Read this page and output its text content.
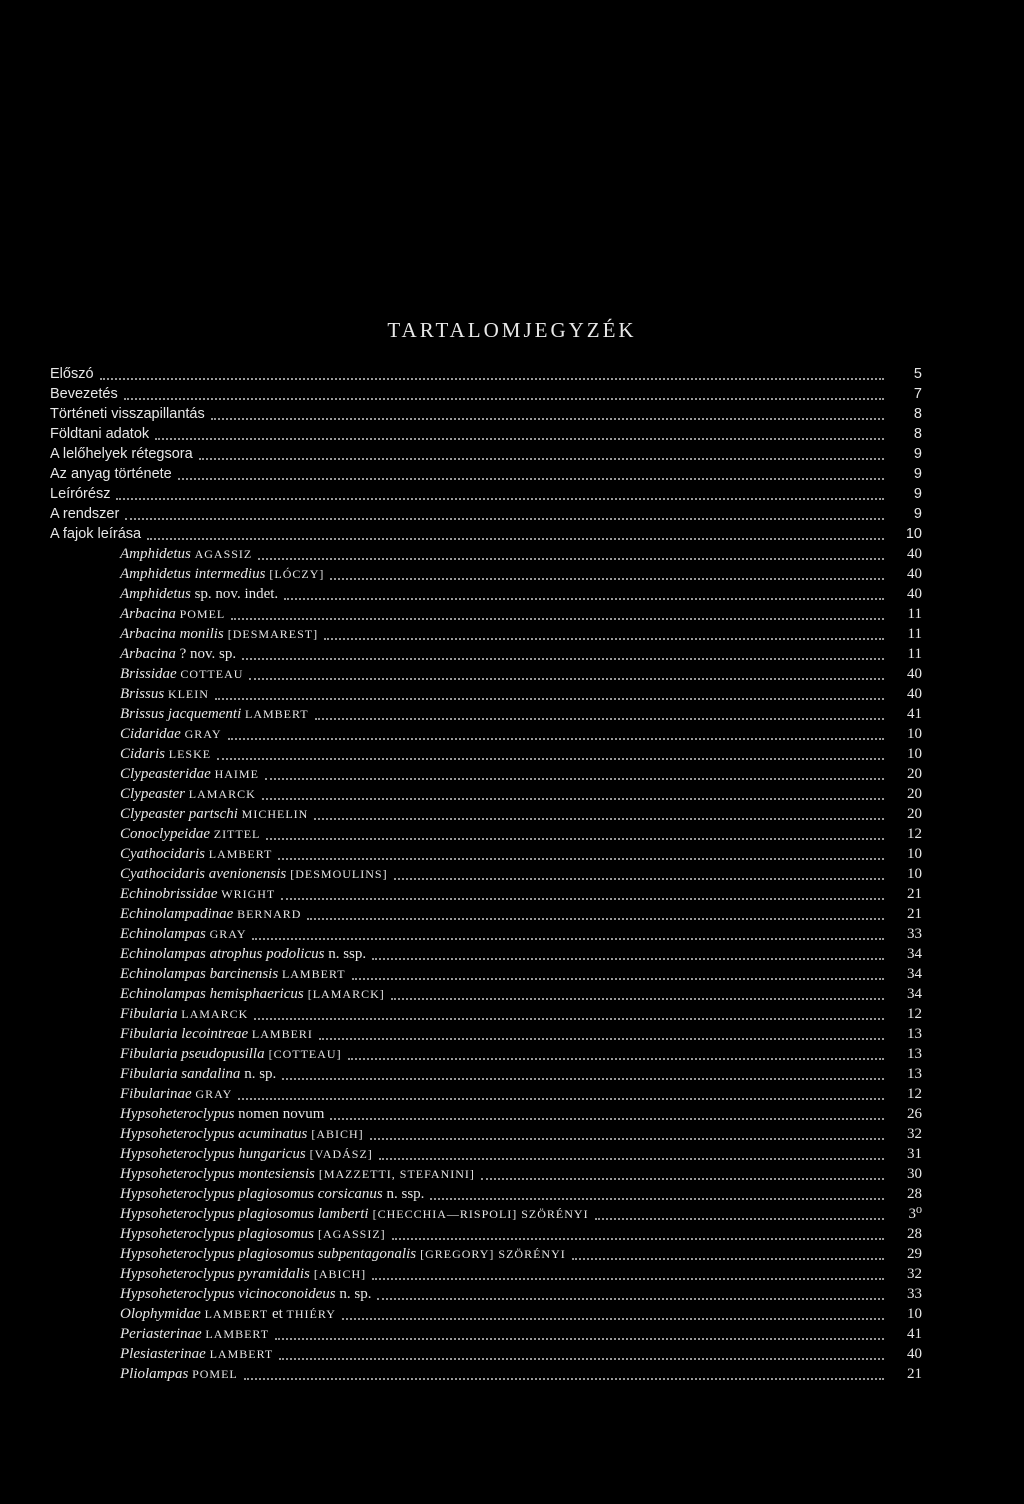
TARTALOMJEGYZÉK
Előszó	5
Bevezetés	7
Történeti visszapillantás	8
Földtani adatok	8
A lelőhelyek rétegsora	9
Az anyag története	9
Leírórész	9
A rendszer	9
A fajok leírása	10
Amphidetus AGASSIZ	40
Amphidetus intermedius [LÓCZY]	40
Amphidetus sp. nov. indet.	40
Arbacina POMEL	11
Arbacina monilis [DESMAREST]	11
Arbacina ? nov. sp.	11
Brissidae COTTEAU	40
Brissus KLEIN	40
Brissus jacquementi LAMBERT	41
Cidaridae GRAY	10
Cidaris LESKE	10
Clypeasteridae HAIME	20
Clypeaster LAMARCK	20
Clypeaster partschi MICHELIN	20
Conoclypeidae ZITTEL	12
Cyathocidaris LAMBERT	10
Cyathocidaris avenionensis [DESMOULINS]	10
Echinobrissidae WRIGHT	21
Echinolampadinae BERNARD	21
Echinolampas GRAY	33
Echinolampas atrophus podolicus n. ssp.	34
Echinolampas barcinensis LAMBERT	34
Echinolampas hemisphaericus [LAMARCK]	34
Fibularia LAMARCK	12
Fibularia lecointreae LAMBERI	13
Fibularia pseudopusilla [COTTEAU]	13
Fibularia sandalina n. sp.	13
Fibularinae GRAY	12
Hypsoheteroclypus nomen novum	26
Hypsoheteroclypus acuminatus [ABICH]	32
Hypsoheteroclypus hungaricus [VADÁSZ]	31
Hypsoheteroclypus montesiensis [MAZZETTI, STEFANINI]	30
Hypsoheteroclypus plagiosomus corsicanus n. ssp.	28
Hypsoheteroclypus plagiosomus lamberti [CHECCHIA—RISPOLI] SZÖRÉNYI	3⁰
Hypsoheteroclypus plagiosomus [AGASSIZ]	28
Hypsoheteroclypus plagiosomus subpentagonalis [GREGORY] SZÖRÉNYI	29
Hypsoheteroclypus pyramidalis [ABICH]	32
Hypsoheteroclypus vicinoconoideus n. sp.	33
Olophymidae LAMBERT et THIÉRY	10
Periasterinae LAMBERT	41
Plesiasterinae LAMBERT	40
Pliolampas POMEL	21
